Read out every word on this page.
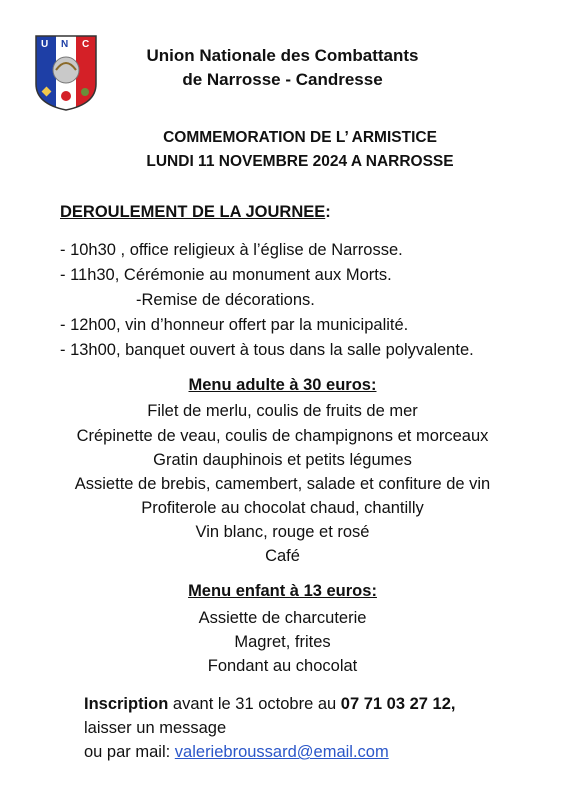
U N C
Union Nationale des Combattants
de Narrosse - Candresse
COMMEMORATION DE L’ ARMISTICE
LUNDI 11 NOVEMBRE 2024 A NARROSSE
DEROULEMENT DE LA JOURNEE:
- 10h30 , office religieux à l’église de Narrosse.
- 11h30, Cérémonie au monument aux Morts.
-Remise de décorations.
- 12h00, vin d’honneur offert par la municipalité.
- 13h00, banquet ouvert à tous dans la salle polyvalente.
Menu adulte à 30 euros:
Filet de merlu, coulis de fruits de mer
Crépinette de veau, coulis de champignons et morceaux
Gratin dauphinois et petits légumes
Assiette de brebis, camembert, salade et confiture de vin
Profiterole au chocolat chaud, chantilly
Vin blanc, rouge et rosé
Café
Menu enfant à 13 euros:
Assiette de charcuterie
Magret, frites
Fondant au chocolat
Inscription avant le 31 octobre au 07 71 03 27 12,
laisser un message
ou par mail: valeriebroussard@email.com
